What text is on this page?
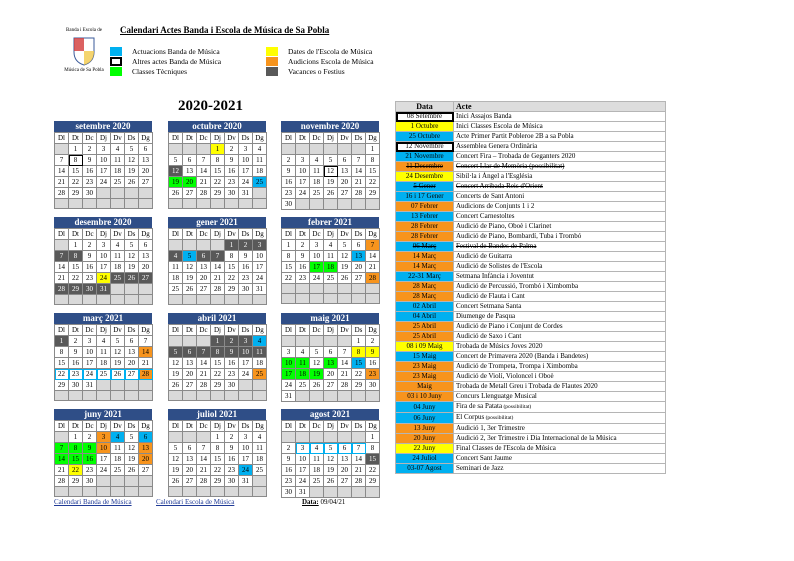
Banda i Escola de
Música de Sa Pobla
Calendari Actes Banda i Escola de Música de Sa Pobla
Actuacions Banda de Música
Altres actes Banda de Música
Classes Tècniques
Dates de l'Escola de Música
Audicions Escola de Música
Vacances o Festius
2020-2021
setembre 2020
Dl	Dt	Dc	Dj	Dv	Ds	Dg
	1	2	3	4	5	6
7	8	9	10	11	12	13
14	15	16	17	18	19	20
21	22	23	24	25	26	27
28	29	30				

octubre 2020
Dl	Dt	Dc	Dj	Dv	Ds	Dg
			1	2	3	4
5	6	7	8	9	10	11
12	13	14	15	16	17	18
19	20	21	22	23	24	25
26	27	28	29	30	31	

novembre 2020
Dl	Dt	Dc	Dj	Dv	Ds	Dg
						1
2	3	4	5	6	7	8
9	10	11	12	13	14	15
16	17	18	19	20	21	22
23	24	25	26	27	28	29
30						
desembre 2020
Dl	Dt	Dc	Dj	Dv	Ds	Dg
	1	2	3	4	5	6
7	8	9	10	11	12	13
14	15	16	17	18	19	20
21	22	23	24	25	26	27
28	29	30	31			

gener 2021
Dl	Dt	Dc	Dj	Dv	Ds	Dg
				1	2	3
4	5	6	7	8	9	10
11	12	13	14	15	16	17
18	19	20	21	22	23	24
25	26	27	28	29	30	31

febrer 2021
Dl	Dt	Dc	Dj	Dv	Ds	Dg
1	2	3	4	5	6	7
8	9	10	11	12	13	14
15	16	17	18	19	20	21
22	23	24	25	26	27	28

març 2021
Dl	Dt	Dc	Dj	Dv	Ds	Dg
1	2	3	4	5	6	7
8	9	10	11	12	13	14
15	16	17	18	19	20	21
22	23	24	25	26	27	28
29	30	31				

abril 2021
Dl	Dt	Dc	Dj	Dv	Ds	Dg
			1	2	3	4
5	6	7	8	9	10	11
12	13	14	15	16	17	18
19	20	21	22	23	24	25
26	27	28	29	30		

maig 2021
Dl	Dt	Dc	Dj	Dv	Ds	Dg
					1	2
3	4	5	6	7	8	9
10	11	12	13	14	15	16
17	18	19	20	21	22	23
24	25	26	27	28	29	30
31						
juny 2021
Dl	Dt	Dc	Dj	Dv	Ds	Dg
	1	2	3	4	5	6
7	8	9	10	11	12	13
14	15	16	17	18	19	20
21	22	23	24	25	26	27
28	29	30				

juliol 2021
Dl	Dt	Dc	Dj	Dv	Ds	Dg
			1	2	3	4
5	6	7	8	9	10	11
12	13	14	15	16	17	18
19	20	21	22	23	24	25
26	27	28	29	30	31	

agost 2021
Dl	Dt	Dc	Dj	Dv	Ds	Dg
						1
2	3	4	5	6	7	8
9	10	11	12	13	14	15
16	17	18	19	20	21	22
23	24	25	26	27	28	29
30	31					
Calendari Banda de Música	Calendari Escola de Música	Data: 09/04/21
Data	Acte
08 Setembre	Inici Assajos Banda
1 Octubre	Inici Classes Escola de Música
25 Octubre	Acte Primer Partit Pobleroe 2B a sa Pobla
12 Novembre	Assemblea Genera Ordinària
21 Novembre	Concert Fira – Trobada de Geganters 2020
11 Desembre	Concert Llar de Memòria (possibilitat)
24 Desembre	Sibil·la i Àngel a l'Església
5 Gener	Concert Arribada Reis d'Orient
16 i 17 Gener	Concerts de Sant Antoni
07 Febrer	Audicions de Conjunts 1 i 2
13 Febrer	Concert Carnestoltes
28 Febrer	Audició de Piano, Oboè i Clarinet
28 Febrer	Audició de Piano, Bombardí, Tuba i Trombó
06 Març	Festival de Bandes de Palma
14 Març	Audició de Guitarra
14 Març	Audició de Solistes de l'Escola
22-31 Març	Setmana Infància i Joventut
28 Març	Audició de Percussió, Trombó i Ximbomba
28 Març	Audició de Flauta i Cant
02 Abril	Concert Setmana Santa
04 Abril	Diumenge de Pasqua
25 Abril	Audició de Piano i Conjunt de Cordes
25 Abril	Audició de Saxo i Cant
08 i 09 Maig	Trobada de Músics Joves 2020
15 Maig	Concert de Primavera 2020 (Banda i Bandetes)
23 Maig	Audició de Trompeta, Trompa i Ximbomba
23 Maig	Audició de Violí, Violoncel i Oboè
Maig	Trobada de Metall Greu i Trobada de Flautes 2020
03 i 10 Juny	Concurs Llenguatge Musical
04 Juny	Fira de sa Patata (possibilitat)
06 Juny	El Corpus (possibilitat)
13 Juny	Audició 1, 3er Trimestre
20 Juny	Audició 2, 3er Trimestre i Dia Internacional de la Música
22 Juny	Final Classes de l'Escola de Música
24 Juliol	Concert Sant Jaume
03-07 Agost	Seminari de Jazz
